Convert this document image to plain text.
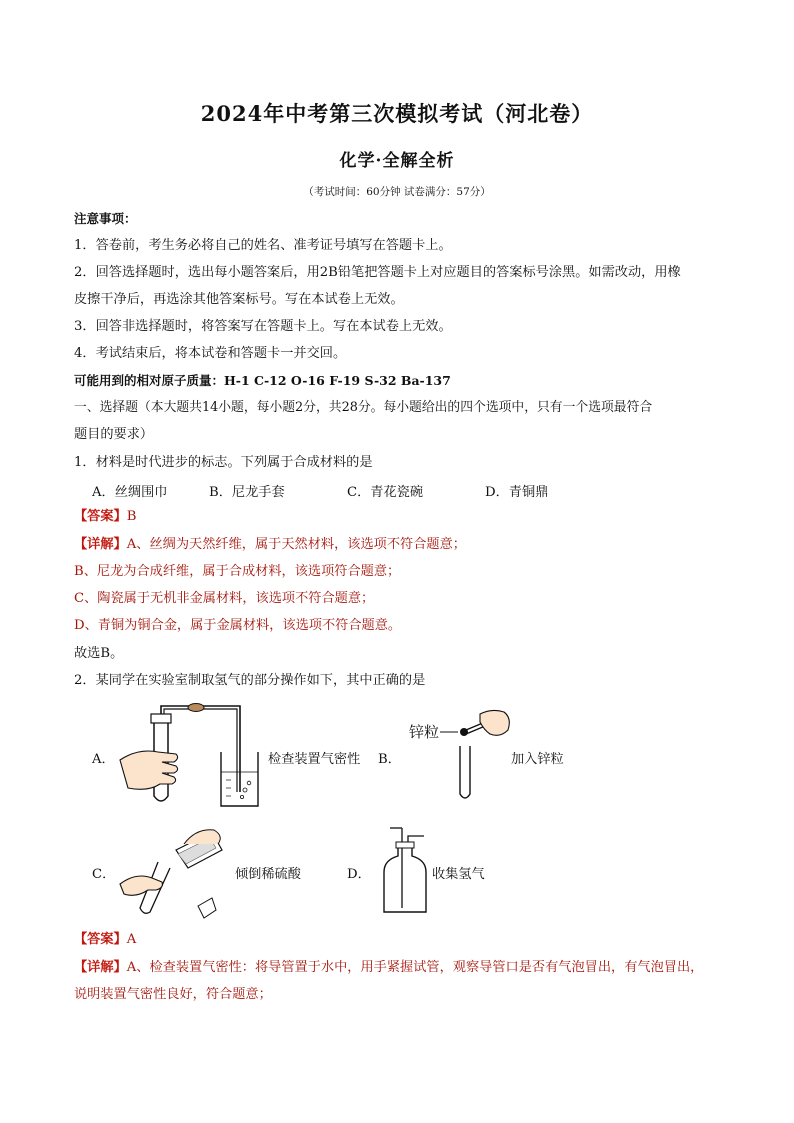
2024年中考第三次模拟考试（河北卷）
化学·全解全析
（考试时间：60分钟 试卷满分：57分）
注意事项：
1．答卷前，考生务必将自己的姓名、准考证号填写在答题卡上。
2．回答选择题时，选出每小题答案后，用2B铅笔把答题卡上对应题目的答案标号涂黑。如需改动，用橡
皮擦干净后，再选涂其他答案标号。写在本试卷上无效。
3．回答非选择题时，将答案写在答题卡上。写在本试卷上无效。
4．考试结束后，将本试卷和答题卡一并交回。
可能用到的相对原子质量：H-1 C-12 O-16 F-19 S-32 Ba-137
一、选择题（本大题共14小题，每小题2分，共28分。每小题给出的四个选项中，只有一个选项最符合
题目的要求）
1．材料是时代进步的标志。下列属于合成材料的是
A．丝绸围巾	B．尼龙手套	C．青花瓷碗	D．青铜鼎
【答案】B
【详解】A、丝绸为天然纤维，属于天然材料，该选项不符合题意；
B、尼龙为合成纤维，属于合成材料，该选项符合题意；
C、陶瓷属于无机非金属材料，该选项不符合题意；
D、青铜为铜合金，属于金属材料，该选项不符合题意。
故选B。
2．某同学在实验室制取氢气的部分操作如下，其中正确的是
A．	检查装置气密性 B．
锌粒
加入锌粒
C．	倾倒稀硫酸	D．	收集氢气
【答案】A
【详解】A、检查装置气密性：将导管置于水中，用手紧握试管，观察导管口是否有气泡冒出，有气泡冒出，
说明装置气密性良好，符合题意；
